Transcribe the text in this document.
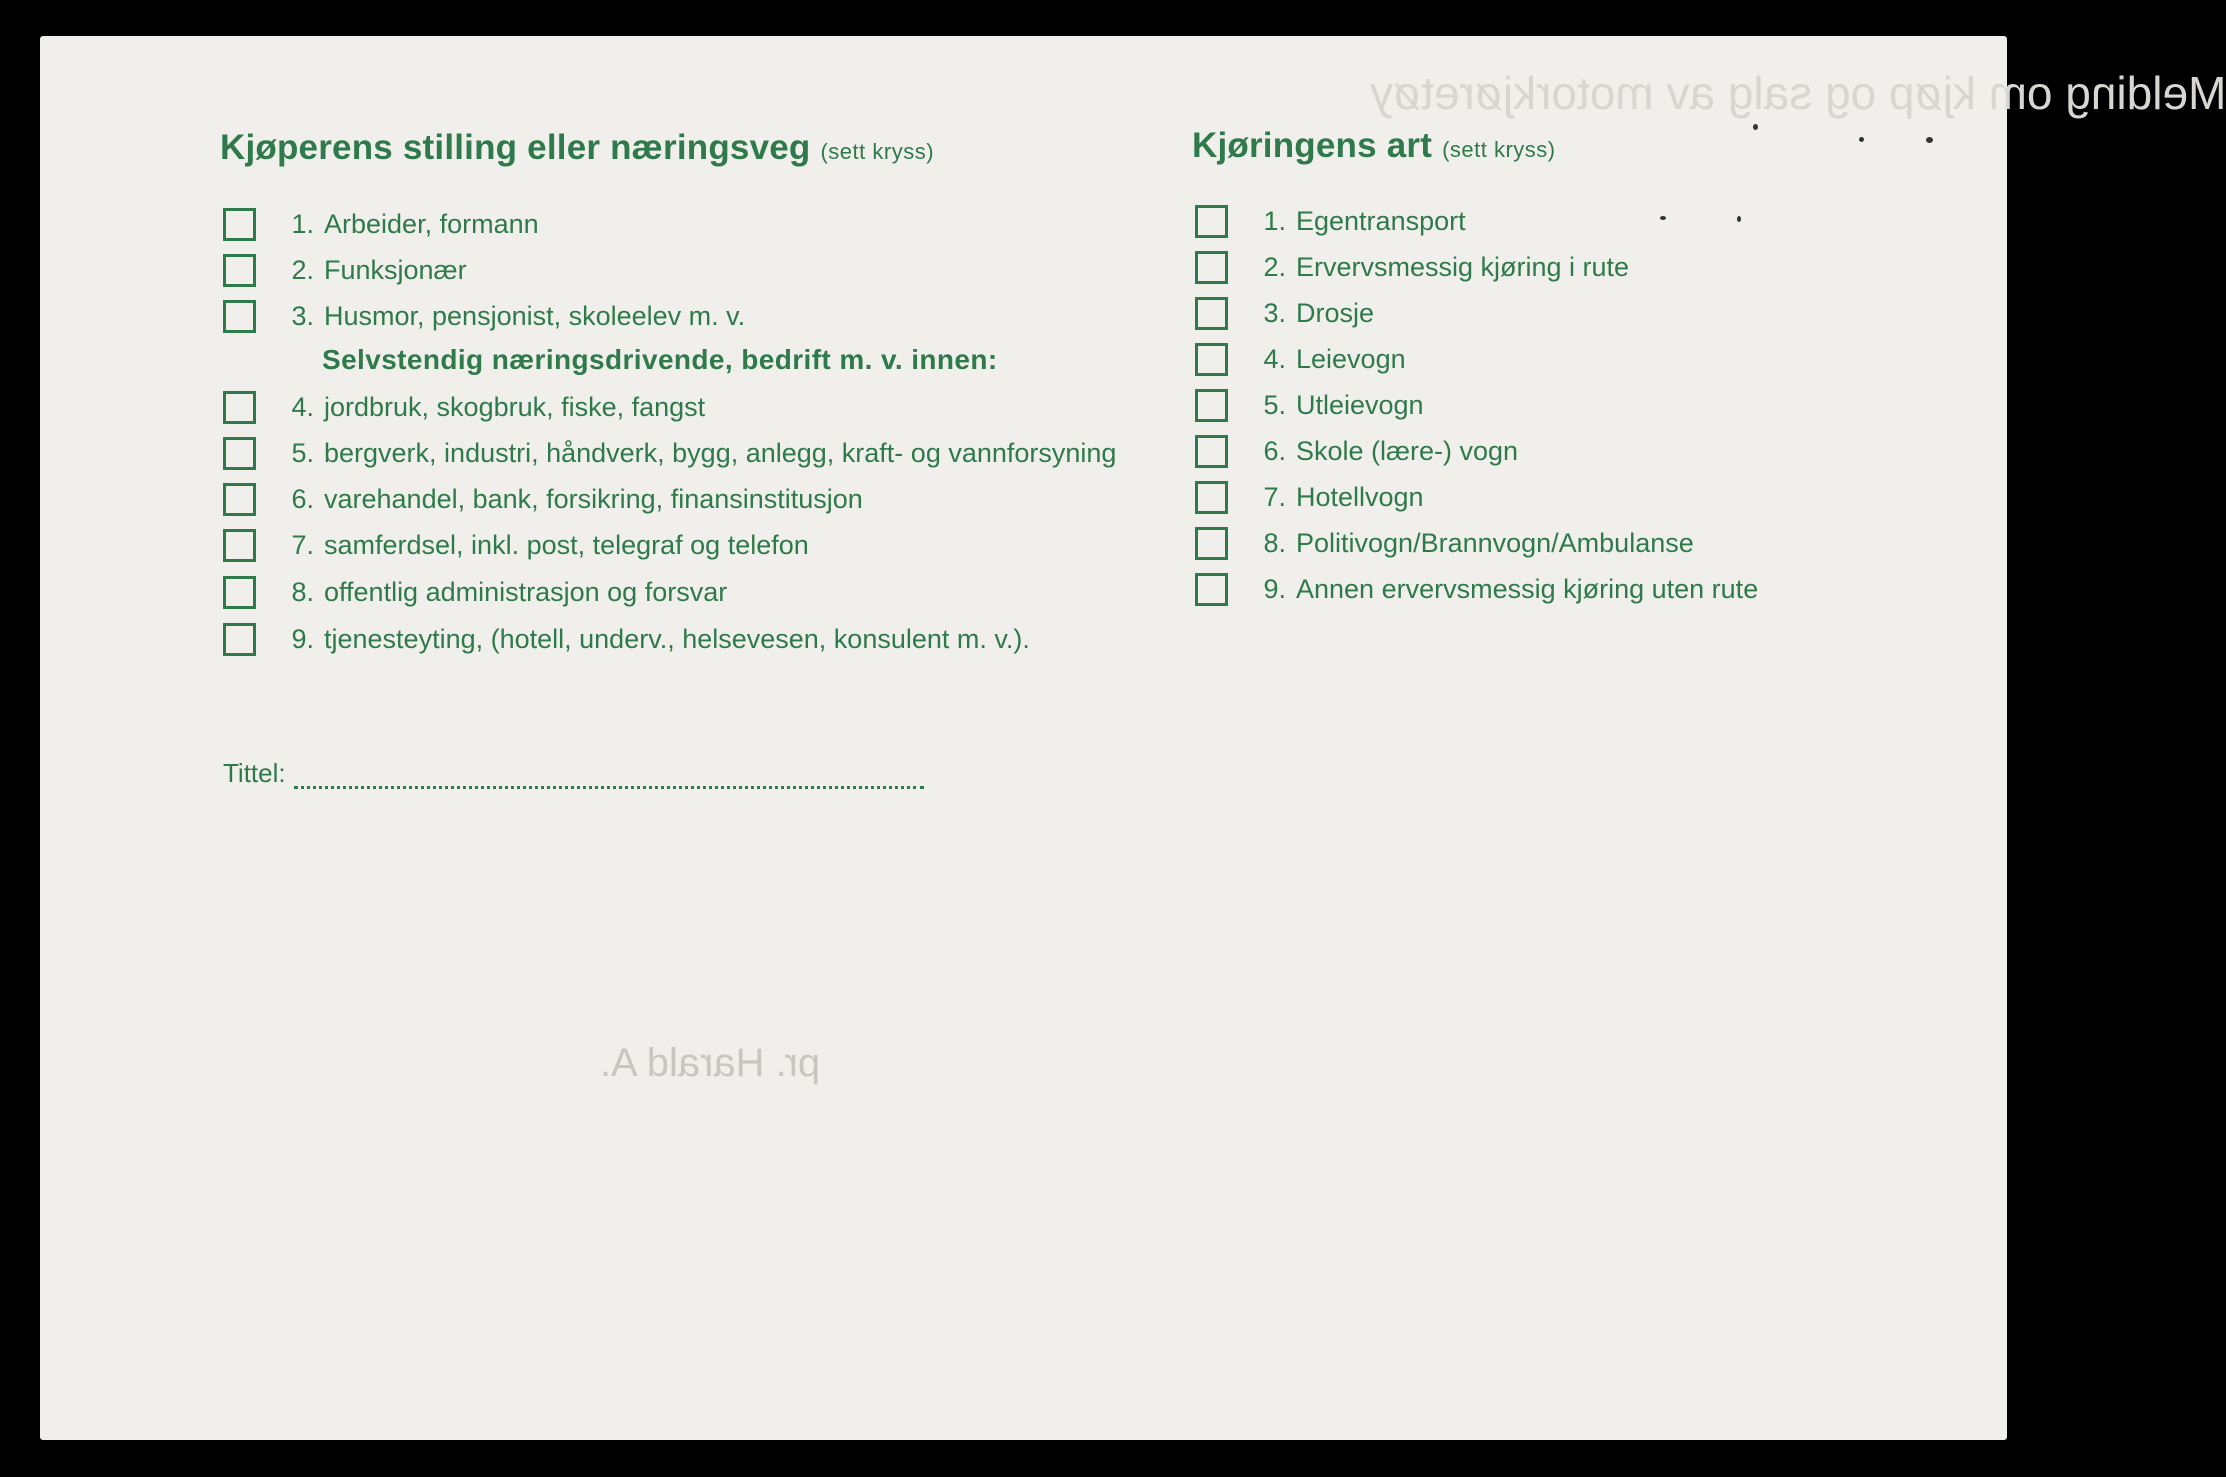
Melding om kjøp og salg av motorkjøretøy
pr. Harald A.
Kjøperens stilling eller næringsveg (sett kryss)
1. Arbeider, formann
2. Funksjonær
3. Husmor, pensjonist, skoleelev m. v.
Selvstendig næringsdrivende, bedrift m. v. innen:
4. jordbruk, skogbruk, fiske, fangst
5. bergverk, industri, håndverk, bygg, anlegg, kraft- og vannforsyning
6. varehandel, bank, forsikring, finansinstitusjon
7. samferdsel, inkl. post, telegraf og telefon
8. offentlig administrasjon og forsvar
9. tjenesteyting, (hotell, underv., helsevesen, konsulent m. v.).
Tittel:
Kjøringens art (sett kryss)
1. Egentransport
2. Ervervsmessig kjøring i rute
3. Drosje
4. Leievogn
5. Utleievogn
6. Skole (lære-) vogn
7. Hotellvogn
8. Politivogn/Brannvogn/Ambulanse
9. Annen ervervsmessig kjøring uten rute
